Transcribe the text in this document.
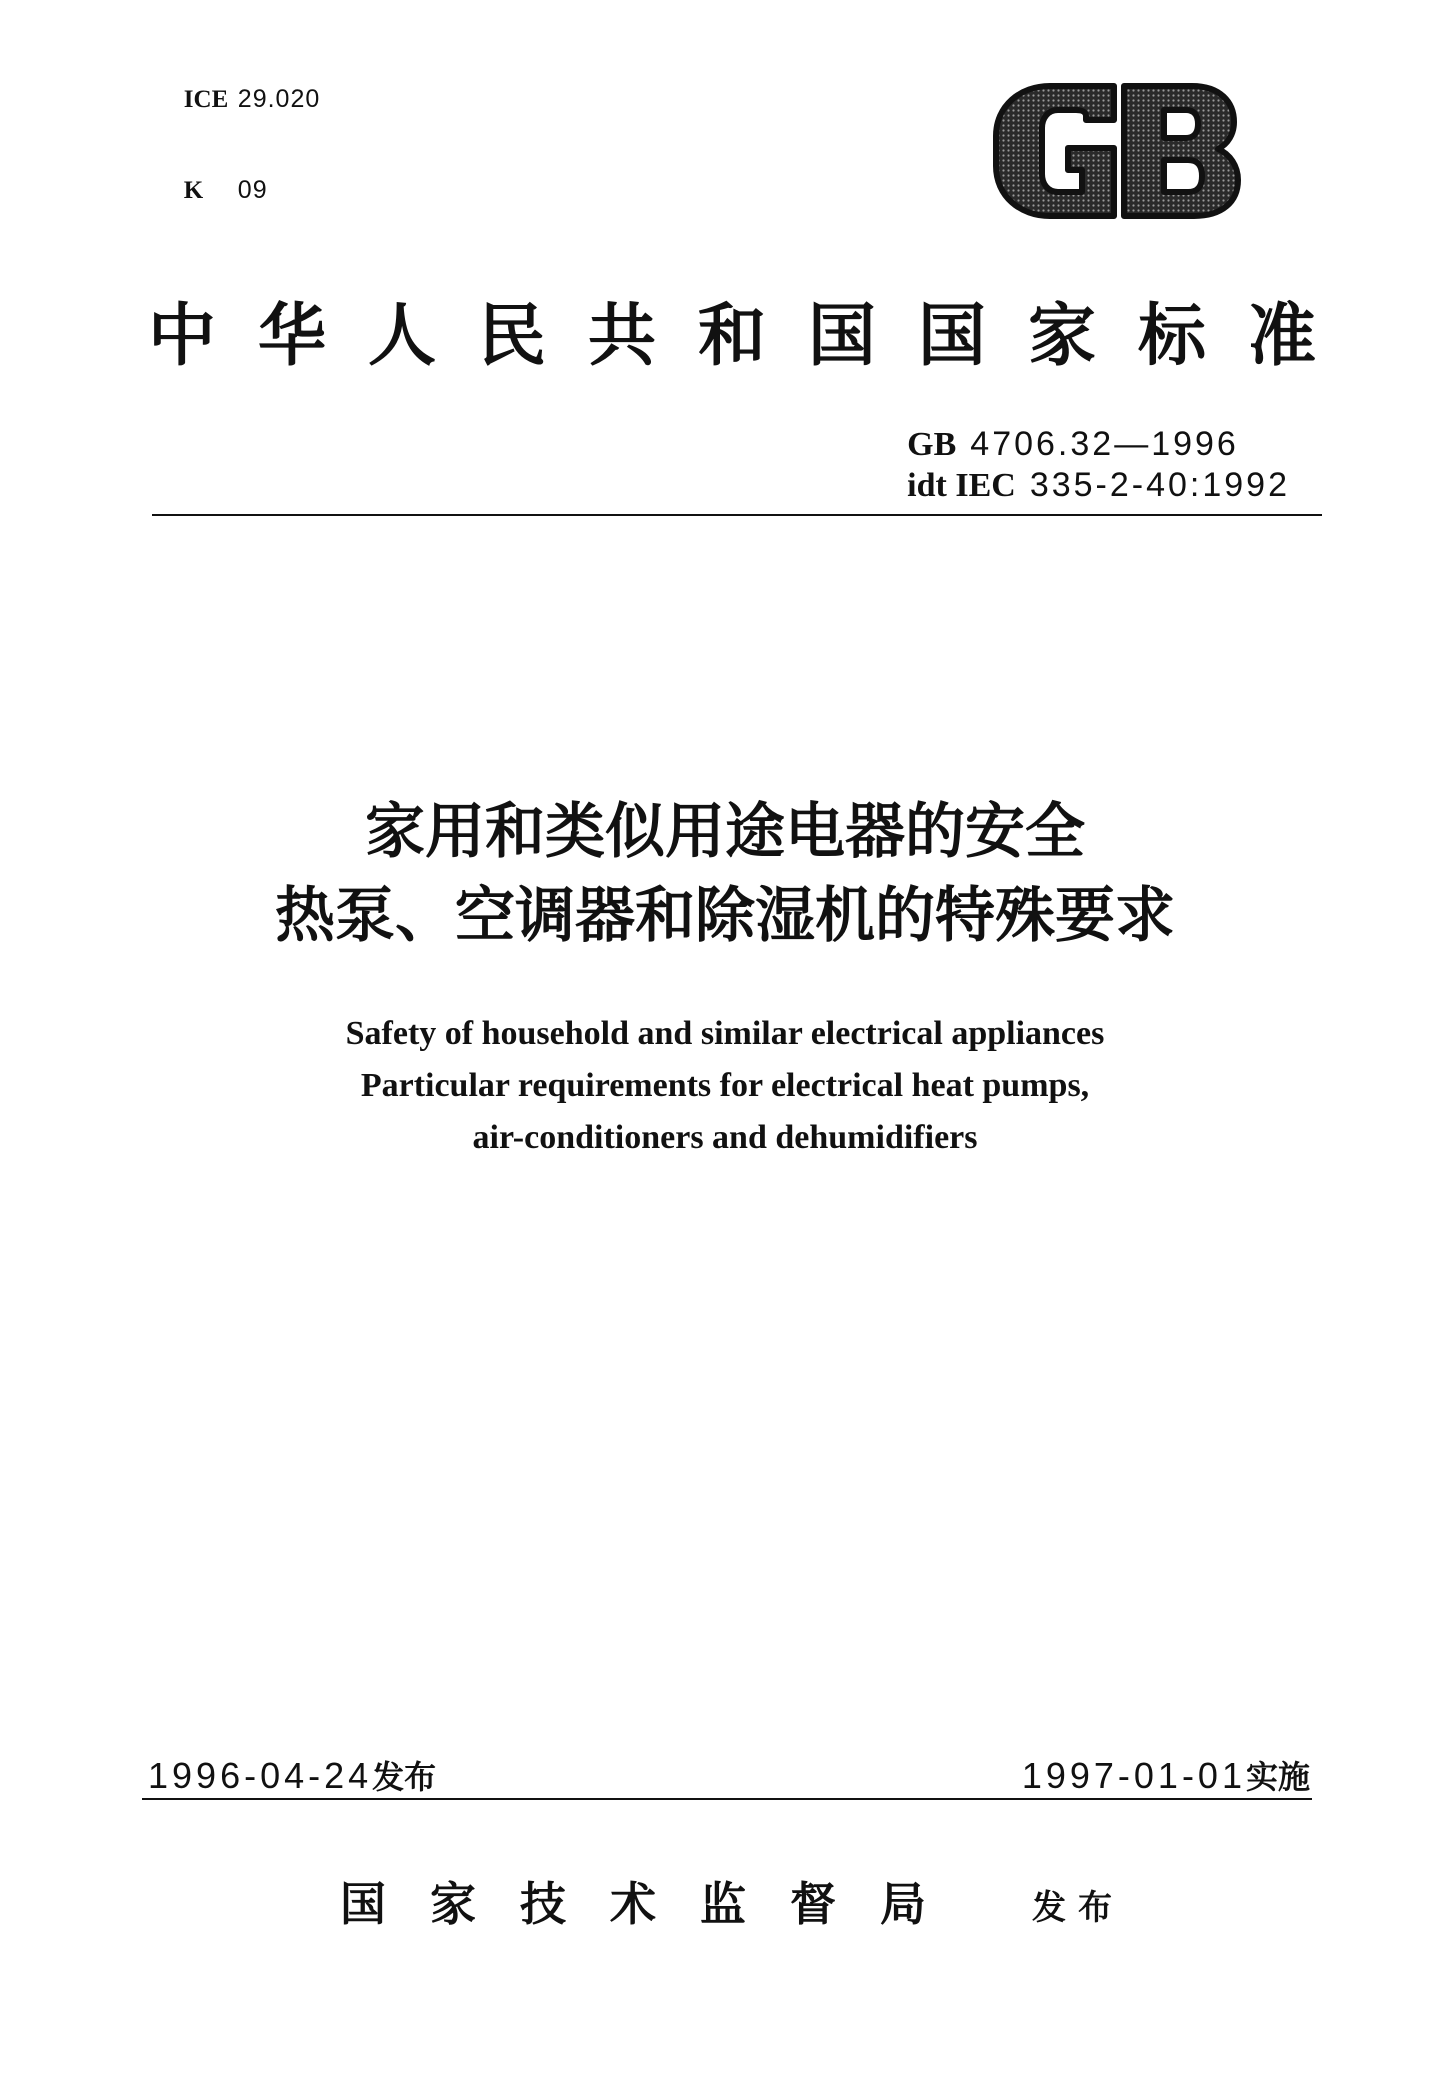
ICE 29.020

K 09

中华人民共和国国家标准
GB 4706.32—1996
idt IEC 335-2-40:1992
家用和类似用途电器的安全
热泵、空调器和除湿机的特殊要求
Safety of household and similar electrical appliances
Particular requirements for electrical heat pumps,
air-conditioners and dehumidifiers
1996-04-24发布	1997-01-01实施
国家技术监督局 发布
